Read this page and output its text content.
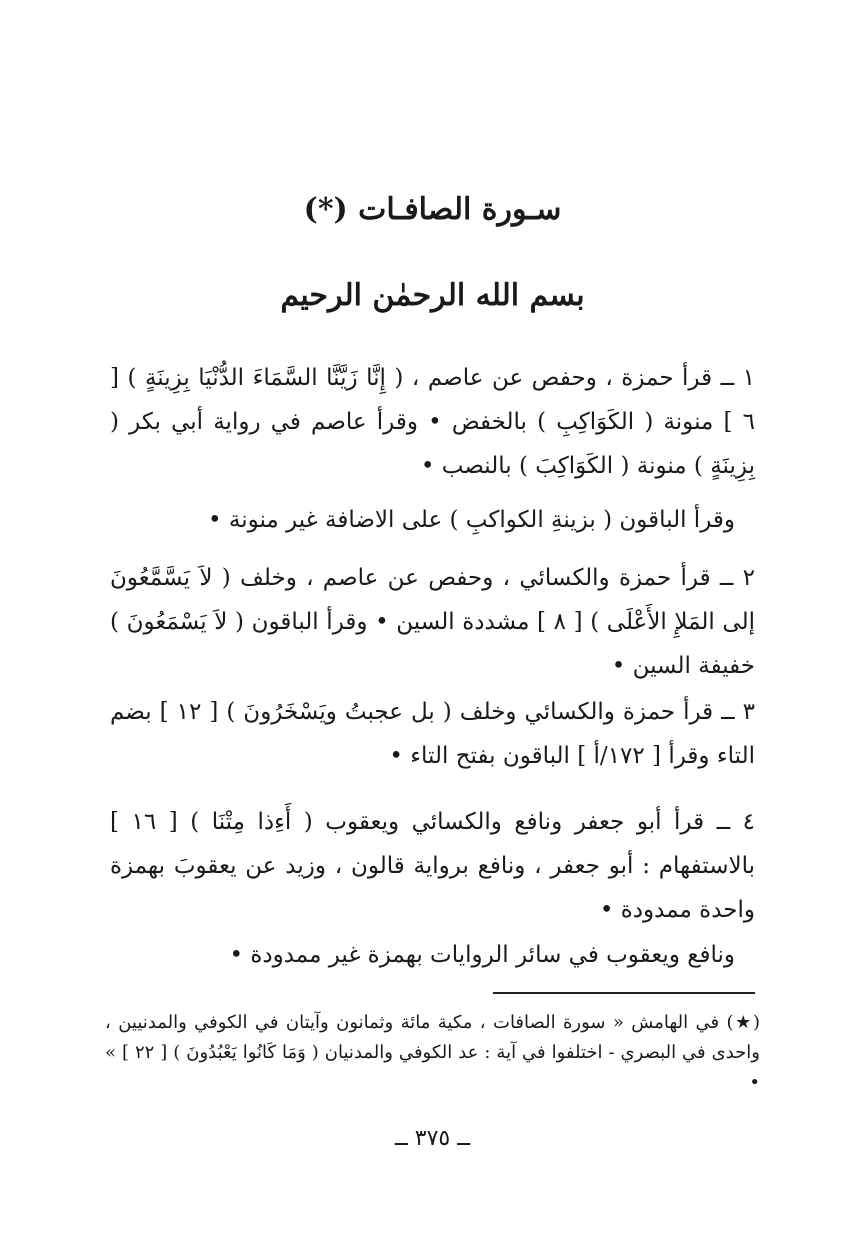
سـورة الصافـات (*)
بسم الله الرحمٰن الرحيم
١ ــ قرأ حمزة ، وحفص عن عاصم ، ( إِنَّا زَيَّنَّا السَّمَاءَ الدُّنْيَا بِزِينَةٍ ) [ ٦ ] منونة ( الكَوَاكِبِ ) بالخفض • وقرأ عاصم في رواية أبي بكر ( بِزِينَةٍ ) منونة ( الكَوَاكِبَ ) بالنصب •
وقرأ الباقون ( بزينةِ الكواكبِ ) على الاضافة غير منونة •
٢ ــ قرأ حمزة والكسائي ، وحفص عن عاصم ، وخلف ( لاَ يَسَّمَّعُونَ إلى المَلإِ الأَعْلَى ) [ ٨ ] مشددة السين • وقرأ الباقون ( لاَ يَسْمَعُونَ ) خفيفة السين •
٣ ــ قرأ حمزة والكسائي وخلف ( بل عجبتُ ويَسْخَرُونَ ) [ ١٢ ] بضم التاء وقرأ [ ١٧٢/أ ] الباقون بفتح التاء •
٤ ــ قرأ أبو جعفر ونافع والكسائي ويعقوب ( أَءِذا مِتْنَا ) [ ١٦ ] بالاستفهام : أبو جعفر ، ونافع برواية قالون ، وزيد عن يعقوبَ بهمزة واحدة ممدودة •
ونافع ويعقوب في سائر الروايات بهمزة غير ممدودة •
(★) في الهامش « سورة الصافات ، مكية مائة وثمانون وآيتان في الكوفي والمدنيين ، واحدى في البصري - اختلفوا في آية : عد الكوفي والمدنيان ( وَمَا كَانُوا يَعْبُدُونَ ) [ ٢٢ ] » •
ــ ٣٧٥ ــ
